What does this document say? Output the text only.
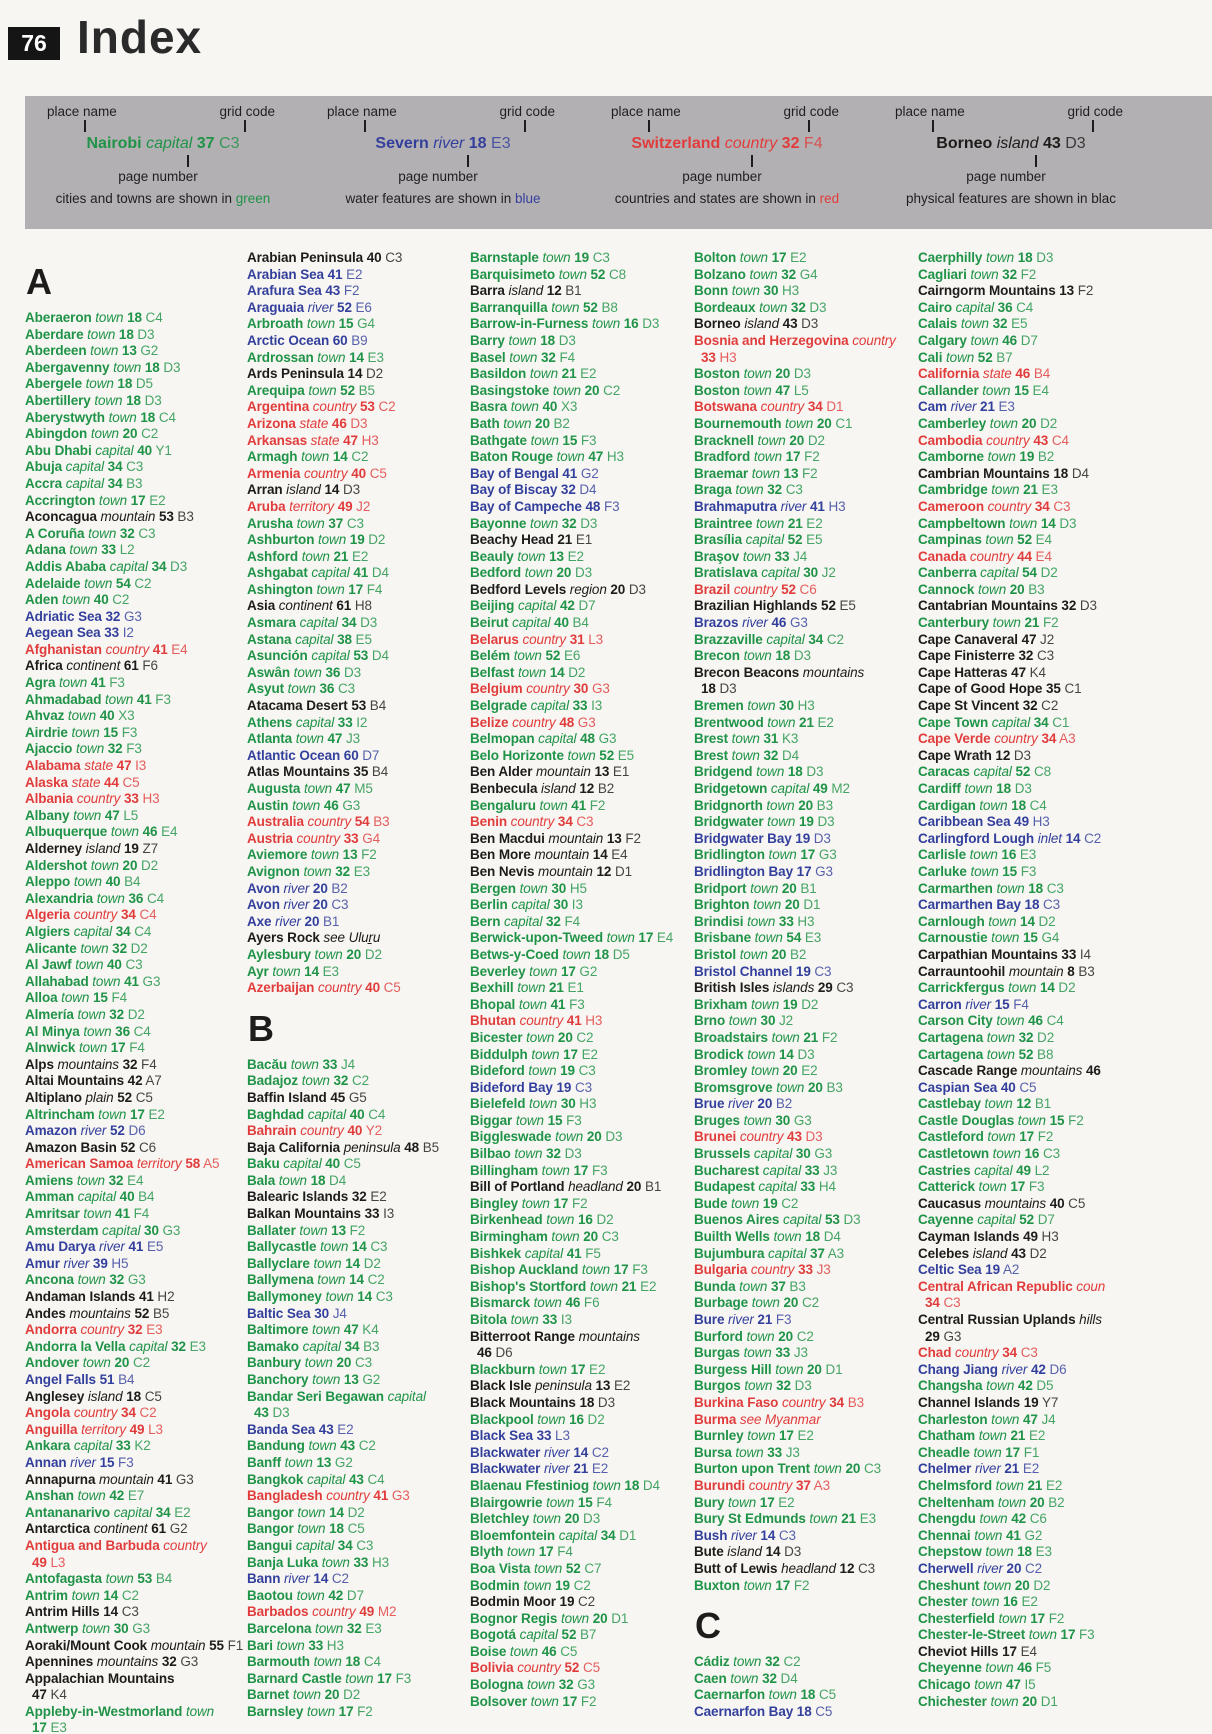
76 Index
place name	grid code
Nairobi capital 37 C3
page number
cities and towns are shown in green
place name	grid code
Severn river 18 E3
page number
water features are shown in blue
place name	grid code
Switzerland country 32 F4
page number
countries and states are shown in red
place name	grid code
Borneo island 43 D3
page number
physical features are shown in blac
A
Aberaeron town 18 C4
Aberdare town 18 D3
Aberdeen town 13 G2
Abergavenny town 18 D3
Abergele town 18 D5
Abertillery town 18 D3
Aberystwyth town 18 C4
Abingdon town 20 C2
Abu Dhabi capital 40 Y1
Abuja capital 34 C3
Accra capital 34 B3
Accrington town 17 E2
Aconcagua mountain 53 B3
A Coruña town 32 C3
Adana town 33 L2
Addis Ababa capital 34 D3
Adelaide town 54 C2
Aden town 40 C2
Adriatic Sea 32 G3
Aegean Sea 33 I2
Afghanistan country 41 E4
Africa continent 61 F6
Agra town 41 F3
Ahmadabad town 41 F3
Ahvaz town 40 X3
Airdrie town 15 F3
Ajaccio town 32 F3
Alabama state 47 I3
Alaska state 44 C5
Albania country 33 H3
Albany town 47 L5
Albuquerque town 46 E4
Alderney island 19 Z7
Aldershot town 20 D2
Aleppo town 40 B4
Alexandria town 36 C4
Algeria country 34 C4
Algiers capital 34 C4
Alicante town 32 D2
Al Jawf town 40 C3
Allahabad town 41 G3
Alloa town 15 F4
Almería town 32 D2
Al Minya town 36 C4
Alnwick town 17 F4
Alps mountains 32 F4
Altai Mountains 42 A7
Altiplano plain 52 C5
Altrincham town 17 E2
Amazon river 52 D6
Amazon Basin 52 C6
American Samoa territory 58 A5
Amiens town 32 E4
Amman capital 40 B4
Amritsar town 41 F4
Amsterdam capital 30 G3
Amu Darya river 41 E5
Amur river 39 H5
Ancona town 32 G3
Andaman Islands 41 H2
Andes mountains 52 B5
Andorra country 32 E3
Andorra la Vella capital 32 E3
Andover town 20 C2
Angel Falls 51 B4
Anglesey island 18 C5
Angola country 34 C2
Anguilla territory 49 L3
Ankara capital 33 K2
Annan river 15 F3
Annapurna mountain 41 G3
Anshan town 42 E7
Antananarivo capital 34 E2
Antarctica continent 61 G2
Antigua and Barbuda country
49 L3
Antofagasta town 53 B4
Antrim town 14 C2
Antrim Hills 14 C3
Antwerp town 30 G3
Aoraki/Mount Cook mountain 55 F1
Apennines mountains 32 G3
Appalachian Mountains
47 K4
Appleby-in-Westmorland town
17 E3
Arabian Peninsula 40 C3
Arabian Sea 41 E2
Arafura Sea 43 F2
Araguaia river 52 E6
Arbroath town 15 G4
Arctic Ocean 60 B9
Ardrossan town 14 E3
Ards Peninsula 14 D2
Arequipa town 52 B5
Argentina country 53 C2
Arizona state 46 D3
Arkansas state 47 H3
Armagh town 14 C2
Armenia country 40 C5
Arran island 14 D3
Aruba territory 49 J2
Arusha town 37 C3
Ashburton town 19 D2
Ashford town 21 E2
Ashgabat capital 41 D4
Ashington town 17 F4
Asia continent 61 H8
Asmara capital 34 D3
Astana capital 38 E5
Asunción capital 53 D4
Aswân town 36 D3
Asyut town 36 C3
Atacama Desert 53 B4
Athens capital 33 I2
Atlanta town 47 J3
Atlantic Ocean 60 D7
Atlas Mountains 35 B4
Augusta town 47 M5
Austin town 46 G3
Australia country 54 B3
Austria country 33 G4
Aviemore town 13 F2
Avignon town 32 E3
Avon river 20 B2
Avon river 20 C3
Axe river 20 B1
Ayers Rock see Uluṟu
Aylesbury town 20 D2
Ayr town 14 E3
Azerbaijan country 40 C5
B
Bacău town 33 J4
Badajoz town 32 C2
Baffin Island 45 G5
Baghdad capital 40 C4
Bahrain country 40 Y2
Baja California peninsula 48 B5
Baku capital 40 C5
Bala town 18 D4
Balearic Islands 32 E2
Balkan Mountains 33 I3
Ballater town 13 F2
Ballycastle town 14 C3
Ballyclare town 14 D2
Ballymena town 14 C2
Ballymoney town 14 C3
Baltic Sea 30 J4
Baltimore town 47 K4
Bamako capital 34 B3
Banbury town 20 C3
Banchory town 13 G2
Bandar Seri Begawan capital
43 D3
Banda Sea 43 E2
Bandung town 43 C2
Banff town 13 G2
Bangkok capital 43 C4
Bangladesh country 41 G3
Bangor town 14 D2
Bangor town 18 C5
Bangui capital 34 C3
Banja Luka town 33 H3
Bann river 14 C2
Baotou town 42 D7
Barbados country 49 M2
Barcelona town 32 E3
Bari town 33 H3
Barmouth town 18 C4
Barnard Castle town 17 F3
Barnet town 20 D2
Barnsley town 17 F2
Barnstaple town 19 C3
Barquisimeto town 52 C8
Barra island 12 B1
Barranquilla town 52 B8
Barrow-in-Furness town 16 D3
Barry town 18 D3
Basel town 32 F4
Basildon town 21 E2
Basingstoke town 20 C2
Basra town 40 X3
Bath town 20 B2
Bathgate town 15 F3
Baton Rouge town 47 H3
Bay of Bengal 41 G2
Bay of Biscay 32 D4
Bay of Campeche 48 F3
Bayonne town 32 D3
Beachy Head 21 E1
Beauly town 13 E2
Bedford town 20 D3
Bedford Levels region 20 D3
Beijing capital 42 D7
Beirut capital 40 B4
Belarus country 31 L3
Belém town 52 E6
Belfast town 14 D2
Belgium country 30 G3
Belgrade capital 33 I3
Belize country 48 G3
Belmopan capital 48 G3
Belo Horizonte town 52 E5
Ben Alder mountain 13 E1
Benbecula island 12 B2
Bengaluru town 41 F2
Benin country 34 C3
Ben Macdui mountain 13 F2
Ben More mountain 14 E4
Ben Nevis mountain 12 D1
Bergen town 30 H5
Berlin capital 30 I3
Bern capital 32 F4
Berwick-upon-Tweed town 17 E4
Betws-y-Coed town 18 D5
Beverley town 17 G2
Bexhill town 21 E1
Bhopal town 41 F3
Bhutan country 41 H3
Bicester town 20 C2
Biddulph town 17 E2
Bideford town 19 C3
Bideford Bay 19 C3
Bielefeld town 30 H3
Biggar town 15 F3
Biggleswade town 20 D3
Bilbao town 32 D3
Billingham town 17 F3
Bill of Portland headland 20 B1
Bingley town 17 F2
Birkenhead town 16 D2
Birmingham town 20 C3
Bishkek capital 41 F5
Bishop Auckland town 17 F3
Bishop's Stortford town 21 E2
Bismarck town 46 F6
Bitola town 33 I3
Bitterroot Range mountains
46 D6
Blackburn town 17 E2
Black Isle peninsula 13 E2
Black Mountains 18 D3
Blackpool town 16 D2
Black Sea 33 L3
Blackwater river 14 C2
Blackwater river 21 E2
Blaenau Ffestiniog town 18 D4
Blairgowrie town 15 F4
Bletchley town 20 D3
Bloemfontein capital 34 D1
Blyth town 17 F4
Boa Vista town 52 C7
Bodmin town 19 C2
Bodmin Moor 19 C2
Bognor Regis town 20 D1
Bogotá capital 52 B7
Boise town 46 C5
Bolivia country 52 C5
Bologna town 32 G3
Bolsover town 17 F2
Bolton town 17 E2
Bolzano town 32 G4
Bonn town 30 H3
Bordeaux town 32 D3
Borneo island 43 D3
Bosnia and Herzegovina country
33 H3
Boston town 20 D3
Boston town 47 L5
Botswana country 34 D1
Bournemouth town 20 C1
Bracknell town 20 D2
Bradford town 17 F2
Braemar town 13 F2
Braga town 32 C3
Brahmaputra river 41 H3
Braintree town 21 E2
Brasília capital 52 E5
Braşov town 33 J4
Bratislava capital 30 J2
Brazil country 52 C6
Brazilian Highlands 52 E5
Brazos river 46 G3
Brazzaville capital 34 C2
Brecon town 18 D3
Brecon Beacons mountains
18 D3
Bremen town 30 H3
Brentwood town 21 E2
Brest town 31 K3
Brest town 32 D4
Bridgend town 18 D3
Bridgetown capital 49 M2
Bridgnorth town 20 B3
Bridgwater town 19 D3
Bridgwater Bay 19 D3
Bridlington town 17 G3
Bridlington Bay 17 G3
Bridport town 20 B1
Brighton town 20 D1
Brindisi town 33 H3
Brisbane town 54 E3
Bristol town 20 B2
Bristol Channel 19 C3
British Isles islands 29 C3
Brixham town 19 D2
Brno town 30 J2
Broadstairs town 21 F2
Brodick town 14 D3
Bromley town 20 E2
Bromsgrove town 20 B3
Brue river 20 B2
Bruges town 30 G3
Brunei country 43 D3
Brussels capital 30 G3
Bucharest capital 33 J3
Budapest capital 33 H4
Bude town 19 C2
Buenos Aires capital 53 D3
Builth Wells town 18 D4
Bujumbura capital 37 A3
Bulgaria country 33 J3
Bunda town 37 B3
Burbage town 20 C2
Bure river 21 F3
Burford town 20 C2
Burgas town 33 J3
Burgess Hill town 20 D1
Burgos town 32 D3
Burkina Faso country 34 B3
Burma see Myanmar
Burnley town 17 E2
Bursa town 33 J3
Burton upon Trent town 20 C3
Burundi country 37 A3
Bury town 17 E2
Bury St Edmunds town 21 E3
Bush river 14 C3
Bute island 14 D3
Butt of Lewis headland 12 C3
Buxton town 17 F2
C
Cádiz town 32 C2
Caen town 32 D4
Caernarfon town 18 C5
Caernarfon Bay 18 C5
Caerphilly town 18 D3
Cagliari town 32 F2
Cairngorm Mountains 13 F2
Cairo capital 36 C4
Calais town 32 E5
Calgary town 46 D7
Cali town 52 B7
California state 46 B4
Callander town 15 E4
Cam river 21 E3
Camberley town 20 D2
Cambodia country 43 C4
Camborne town 19 B2
Cambrian Mountains 18 D4
Cambridge town 21 E3
Cameroon country 34 C3
Campbeltown town 14 D3
Campinas town 52 E4
Canada country 44 E4
Canberra capital 54 D2
Cannock town 20 B3
Cantabrian Mountains 32 D3
Canterbury town 21 F2
Cape Canaveral 47 J2
Cape Finisterre 32 C3
Cape Hatteras 47 K4
Cape of Good Hope 35 C1
Cape St Vincent 32 C2
Cape Town capital 34 C1
Cape Verde country 34 A3
Cape Wrath 12 D3
Caracas capital 52 C8
Cardiff town 18 D3
Cardigan town 18 C4
Caribbean Sea 49 H3
Carlingford Lough inlet 14 C2
Carlisle town 16 E3
Carluke town 15 F3
Carmarthen town 18 C3
Carmarthen Bay 18 C3
Carnlough town 14 D2
Carnoustie town 15 G4
Carpathian Mountains 33 I4
Carrauntoohil mountain 8 B3
Carrickfergus town 14 D2
Carron river 15 F4
Carson City town 46 C4
Cartagena town 32 D2
Cartagena town 52 B8
Cascade Range mountains 46
Caspian Sea 40 C5
Castlebay town 12 B1
Castle Douglas town 15 F2
Castleford town 17 F2
Castletown town 16 C3
Castries capital 49 L2
Catterick town 17 F3
Caucasus mountains 40 C5
Cayenne capital 52 D7
Cayman Islands 49 H3
Celebes island 43 D2
Celtic Sea 19 A2
Central African Republic coun
34 C3
Central Russian Uplands hills
29 G3
Chad country 34 C3
Chang Jiang river 42 D6
Changsha town 42 D5
Channel Islands 19 Y7
Charleston town 47 J4
Chatham town 21 E2
Cheadle town 17 F1
Chelmer river 21 E2
Chelmsford town 21 E2
Cheltenham town 20 B2
Chengdu town 42 C6
Chennai town 41 G2
Chepstow town 18 E3
Cherwell river 20 C2
Cheshunt town 20 D2
Chester town 16 E2
Chesterfield town 17 F2
Chester-le-Street town 17 F3
Cheviot Hills 17 E4
Cheyenne town 46 F5
Chicago town 47 I5
Chichester town 20 D1
